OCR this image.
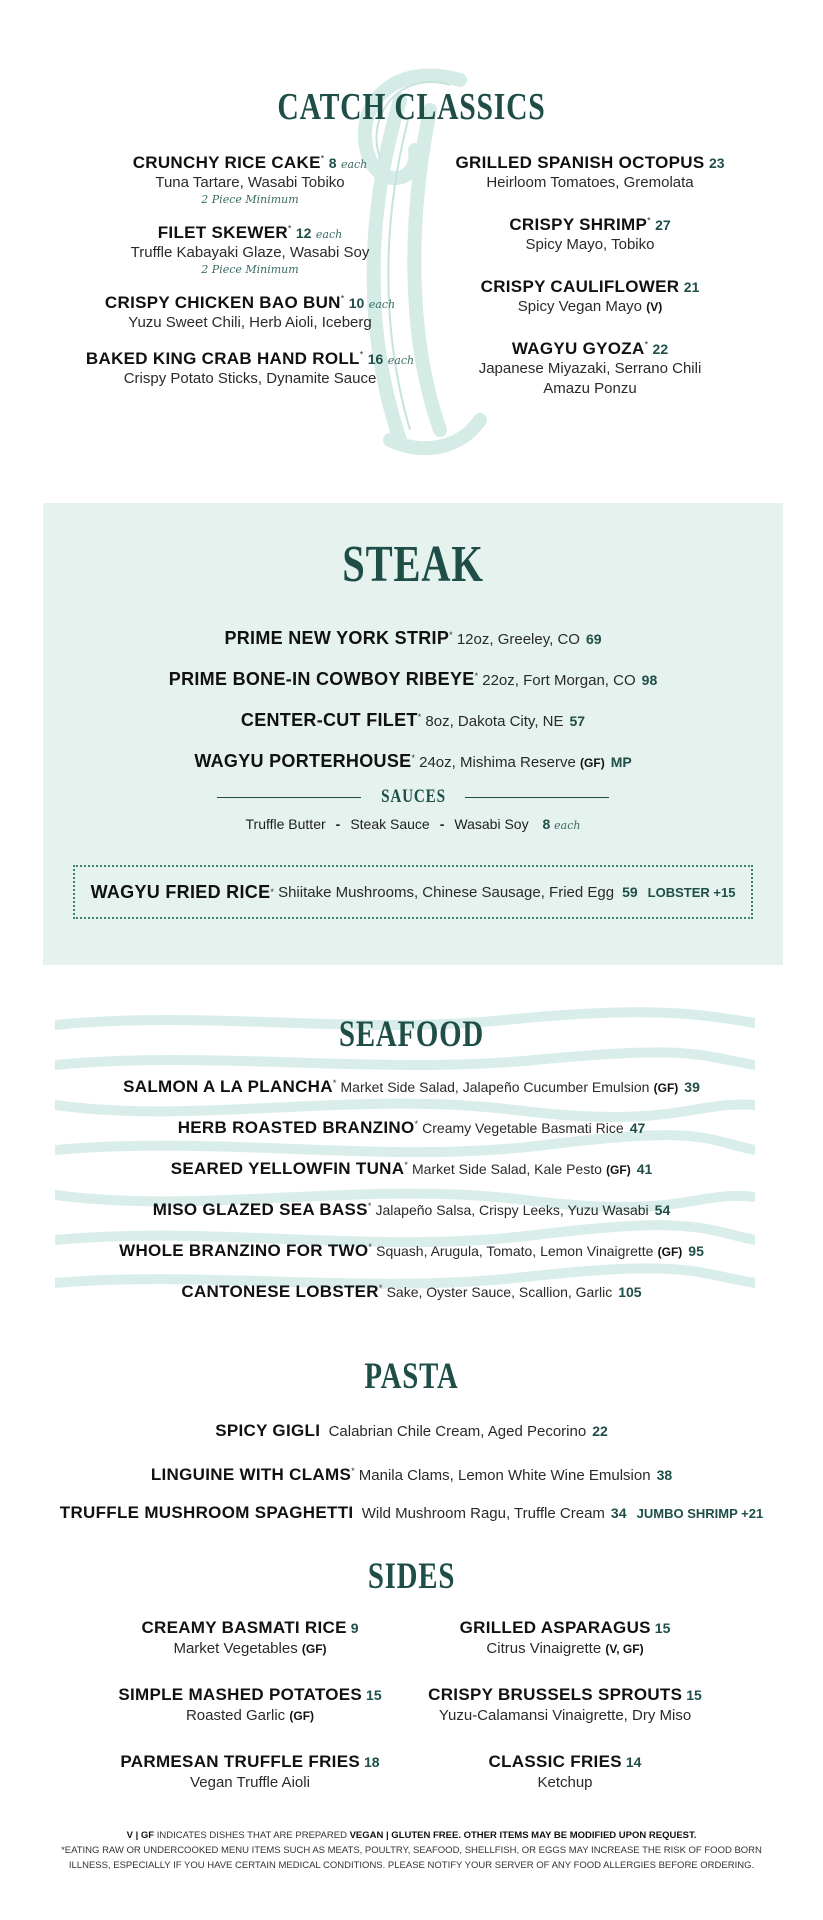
CATCH CLASSICS
CRUNCHY RICE CAKE* 8 each
Tuna Tartare, Wasabi Tobiko
2 Piece Minimum
FILET SKEWER* 12 each
Truffle Kabayaki Glaze, Wasabi Soy
2 Piece Minimum
CRISPY CHICKEN BAO BUN* 10 each
Yuzu Sweet Chili, Herb Aioli, Iceberg
BAKED KING CRAB HAND ROLL* 16 each
Crispy Potato Sticks, Dynamite Sauce
GRILLED SPANISH OCTOPUS 23
Heirloom Tomatoes, Gremolata
CRISPY SHRIMP* 27
Spicy Mayo, Tobiko
CRISPY CAULIFLOWER 21
Spicy Vegan Mayo (V)
WAGYU GYOZA* 22
Japanese Miyazaki, Serrano Chili
Amazu Ponzu
STEAK
PRIME NEW YORK STRIP* 12oz, Greeley, CO 69
PRIME BONE-IN COWBOY RIBEYE* 22oz, Fort Morgan, CO 98
CENTER-CUT FILET* 8oz, Dakota City, NE 57
WAGYU PORTERHOUSE* 24oz, Mishima Reserve (GF) MP
SAUCES
Truffle Butter - Steak Sauce - Wasabi Soy 8 each
WAGYU FRIED RICE *
Shiitake Mushrooms, Chinese Sausage, Fried Egg 59 LOBSTER +15
SEAFOOD
SALMON A LA PLANCHA* Market Side Salad, Jalapeño Cucumber Emulsion (GF) 39
HERB ROASTED BRANZINO* Creamy Vegetable Basmati Rice 47
SEARED YELLOWFIN TUNA* Market Side Salad, Kale Pesto (GF) 41
MISO GLAZED SEA BASS* Jalapeño Salsa, Crispy Leeks, Yuzu Wasabi 54
WHOLE BRANZINO FOR TWO* Squash, Arugula, Tomato, Lemon Vinaigrette (GF) 95
CANTONESE LOBSTER* Sake, Oyster Sauce, Scallion, Garlic 105
PASTA
SPICY GIGLI Calabrian Chile Cream, Aged Pecorino 22
LINGUINE WITH CLAMS* Manila Clams, Lemon White Wine Emulsion 38
TRUFFLE MUSHROOM SPAGHETTI Wild Mushroom Ragu, Truffle Cream 34 JUMBO SHRIMP +21
SIDES
CREAMY BASMATI RICE 9
Market Vegetables (GF)
SIMPLE MASHED POTATOES 15
Roasted Garlic (GF)
PARMESAN TRUFFLE FRIES 18
Vegan Truffle Aioli
GRILLED ASPARAGUS 15
Citrus Vinaigrette (V, GF)
CRISPY BRUSSELS SPROUTS 15
Yuzu-Calamansi Vinaigrette, Dry Miso
CLASSIC FRIES 14
Ketchup
V | GF INDICATES DISHES THAT ARE PREPARED VEGAN | GLUTEN FREE. OTHER ITEMS MAY BE MODIFIED UPON REQUEST.
*EATING RAW OR UNDERCOOKED MENU ITEMS SUCH AS MEATS, POULTRY, SEAFOOD, SHELLFISH, OR EGGS MAY INCREASE THE RISK OF FOOD BORN
ILLNESS, ESPECIALLY IF YOU HAVE CERTAIN MEDICAL CONDITIONS. PLEASE NOTIFY YOUR SERVER OF ANY FOOD ALLERGIES BEFORE ORDERING.
